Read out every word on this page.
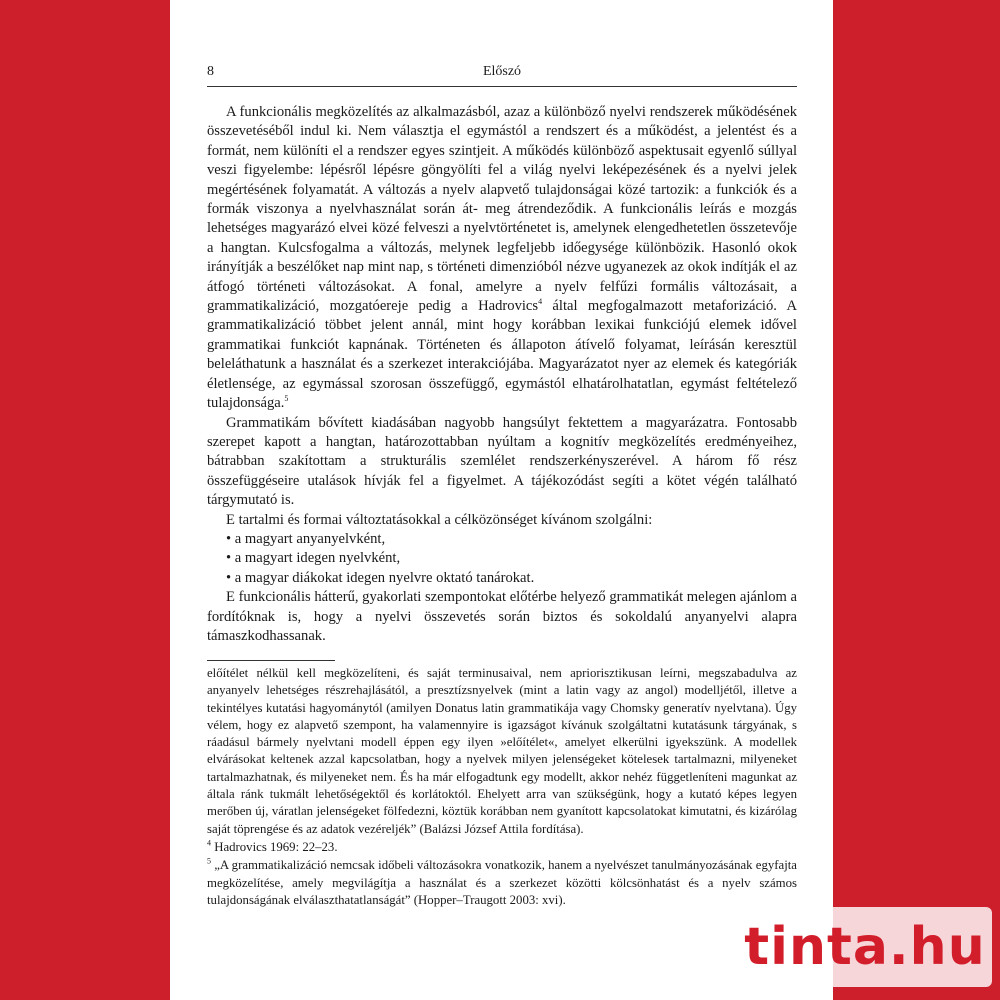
8	Előszó

A funkcionális megközelítés az alkalmazásból, azaz a különböző nyelvi rendszerek működésének összevetéséből indul ki. Nem választja el egymástól a rendszert és a működést, a jelentést és a formát, nem különíti el a rendszer egyes szintjeit. A működés különböző aspektusait egyenlő súllyal veszi figyelembe: lépésről lépésre göngyölíti fel a világ nyelvi leképezésének és a nyelvi jelek megértésének folyamatát. A változás a nyelv alapvető tulajdonságai közé tartozik: a funkciók és a formák viszonya a nyelvhasználat során át- meg átrendeződik. A funkcionális leírás e mozgás lehetséges magyarázó elvei közé felveszi a nyelvtörténetet is, amelynek elengedhetetlen összetevője a hangtan. Kulcsfogalma a változás, melynek legfeljebb időegysége különbözik. Hasonló okok irányítják a beszélőket nap mint nap, s történeti dimenzióból nézve ugyanezek az okok indítják el az átfogó történeti változásokat. A fonal, amelyre a nyelv felfűzi formális változásait, a grammatikalizáció, mozgatóereje pedig a Hadrovics$^4$ által megfogalmazott metaforizáció. A grammatikalizáció többet jelent annál, mint hogy korábban lexikai funkciójú elemek idővel grammatikai funkciót kapnának. Történeten és állapoton átívelő folyamat, leírásán keresztül beleláthatunk a használat és a szerkezet interakciójába. Magyarázatot nyer az elemek és kategóriák életlensége, az egymással szorosan összefüggő, egymástól elhatárolhatatlan, egymást feltételező tulajdonsága.$^5$

Grammatikám bővített kiadásában nagyobb hangsúlyt fektettem a magyarázatra. Fontosabb szerepet kapott a hangtan, határozottabban nyúltam a kognitív megközelítés eredményeihez, bátrabban szakítottam a strukturális szemlélet rendszerkényszerével. A három fő rész összefüggéseire utalások hívják fel a figyelmet. A tájékozódást segíti a kötet végén található tárgymutató is.

E tartalmi és formai változtatásokkal a célközönséget kívánom szolgálni:

• a magyart anyanyelvként,
• a magyart idegen nyelvként,
• a magyar diákokat idegen nyelvre oktató tanárokat.

E funkcionális hátterű, gyakorlati szempontokat előtérbe helyező grammatikát melegen ajánlom a fordítóknak is, hogy a nyelvi összevetés során biztos és sokoldalú anyanyelvi alapra támaszkodhassanak.

előítélet nélkül kell megközelíteni, és saját terminusaival, nem apriorisztikusan leírni, megszabadulva az anyanyelv lehetséges részrehajlásától, a presztízsnyelvek (mint a latin vagy az angol) modelljétől, illetve a tekintélyes kutatási hagyománytól (amilyen Donatus latin grammatikája vagy Chomsky generatív nyelvtana). Úgy vélem, hogy ez alapvető szempont, ha valamennyire is igazságot kívánuk szolgáltatni kutatásunk tárgyának, s ráadásul bármely nyelvtani modell éppen egy ilyen »előítélet«, amelyet elkerülni igyekszünk. A modellek elvárásokat keltenek azzal kapcsolatban, hogy a nyelvek milyen jelenségeket kötelesek tartalmazni, milyeneket tartalmazhatnak, és milyeneket nem. És ha már elfogadtunk egy modellt, akkor nehéz függetleníteni magunkat az általa ránk tukmált lehetőségektől és korlátoktól. Ehelyett arra van szükségünk, hogy a kutató képes legyen merőben új, váratlan jelenségeket fölfedezni, köztük korábban nem gyanított kapcsolatokat kimutatni, és kizárólag saját töprengése és az adatok vezéreljék” (Balázsi József Attila fordítása).

$^4$ Hadrovics 1969: 22–23.

$^5$ „A grammatikalizáció nemcsak időbeli változásokra vonatkozik, hanem a nyelvészet tanulmányozásának egyfajta megközelítése, amely megvilágítja a használat és a szerkezet közötti kölcsönhatást és a nyelv számos tulajdonságának elválaszthatatlanságát” (Hopper–Traugott 2003: xvi).

tinta.hu
